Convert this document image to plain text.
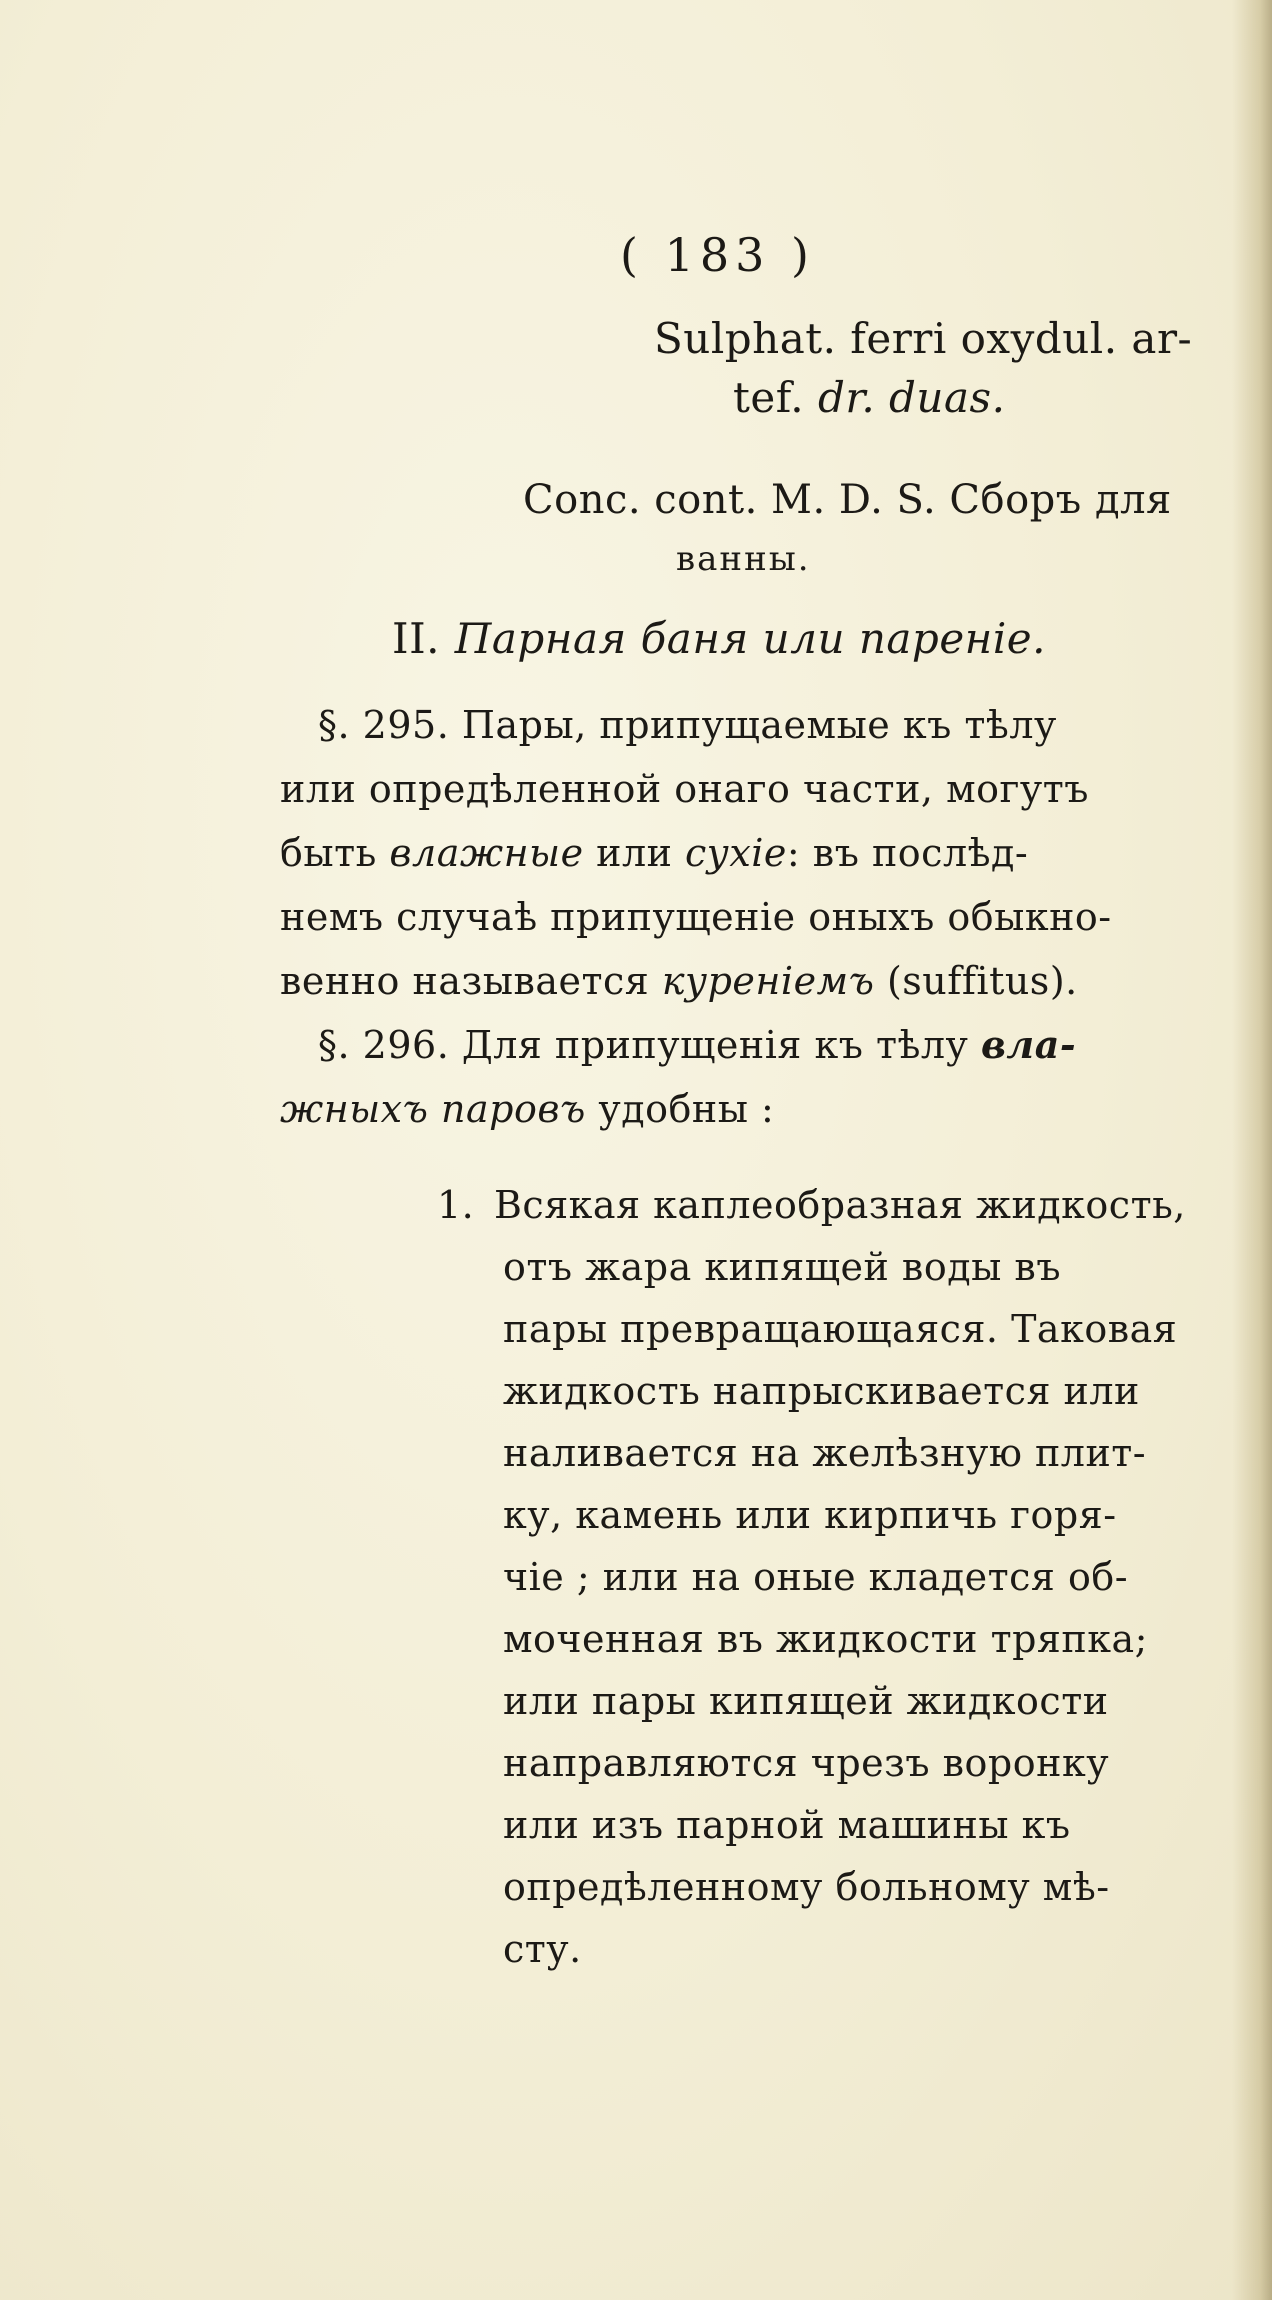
( 183 )
Sulphat. ferri oxydul. ar-
tef. dr. duas.
Conc. cont. M. D. S. Сборъ для
ванны.
II. Парная баня или пареніе.
§. 295. Пары, припущаемые къ тѣлу
или опредѣленной онаго части, могутъ
быть влажные или сухіе: въ послѣд-
немъ случаѣ припущеніе оныхъ обыкно-
венно называется куреніемъ (suffitus).
§. 296. Для припущенія къ тѣлу вла-
жныхъ паровъ удобны :
1. Всякая каплеобразная жидкость,
отъ жара кипящей воды въ
пары превращающаяся. Таковая
жидкость напрыскивается или
наливается на желѣзную плит-
ку, камень или кирпичь горя-
чіе ; или на оные кладется об-
моченная въ жидкости тряпка;
или пары кипящей жидкости
направляются чрезъ воронку
или изъ парной машины къ
опредѣленному больному мѣ-
сту.
